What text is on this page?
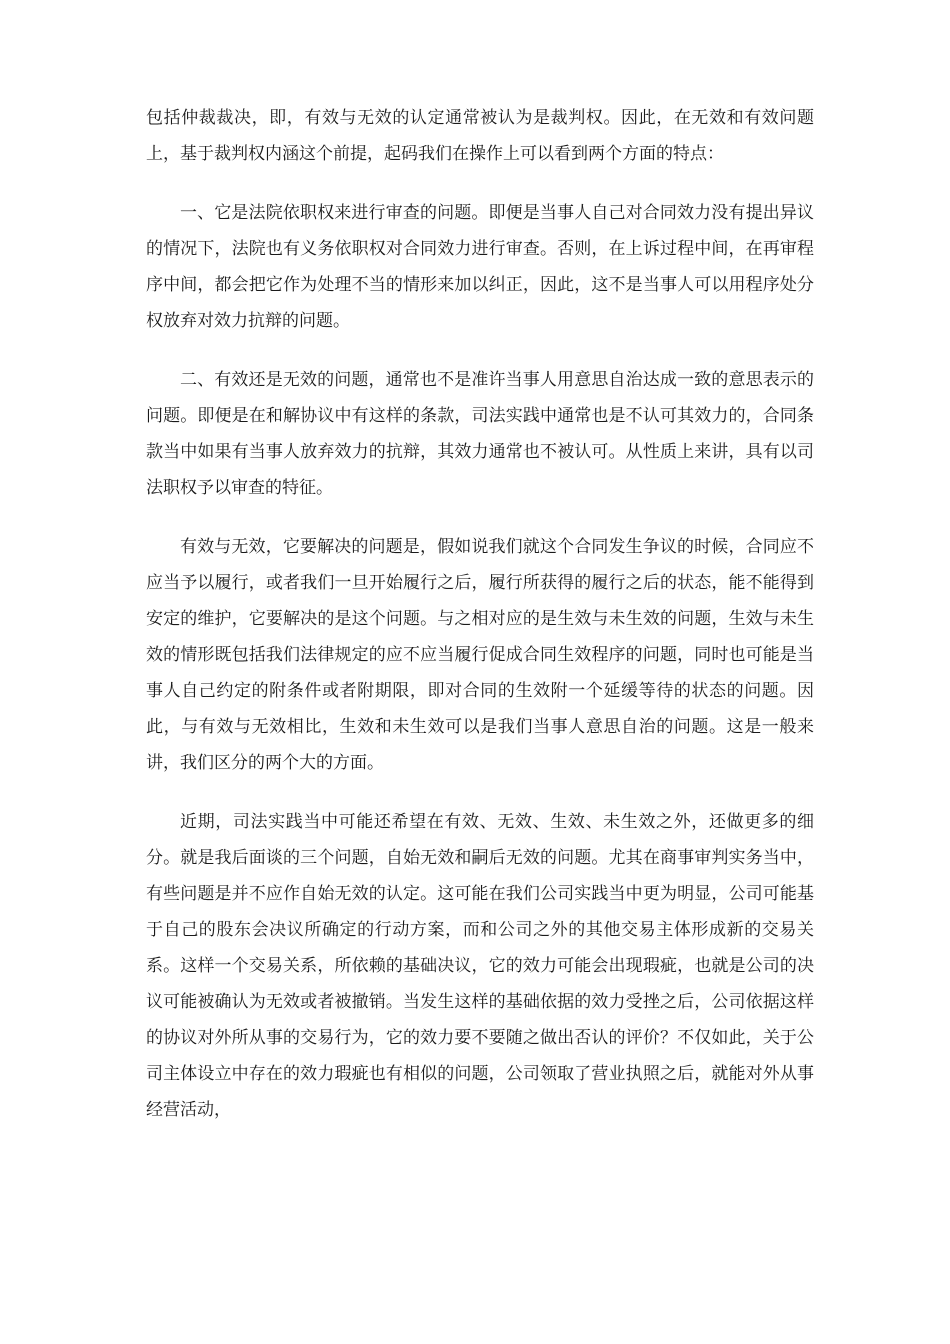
包括仲裁裁决，即，有效与无效的认定通常被认为是裁判权。因此，在无效和有效问题上，基于裁判权内涵这个前提，起码我们在操作上可以看到两个方面的特点：

一、它是法院依职权来进行审查的问题。即便是当事人自己对合同效力没有提出异议的情况下，法院也有义务依职权对合同效力进行审查。否则，在上诉过程中间，在再审程序中间，都会把它作为处理不当的情形来加以纠正，因此，这不是当事人可以用程序处分权放弃对效力抗辩的问题。

二、有效还是无效的问题，通常也不是准许当事人用意思自治达成一致的意思表示的问题。即便是在和解协议中有这样的条款，司法实践中通常也是不认可其效力的，合同条款当中如果有当事人放弃效力的抗辩，其效力通常也不被认可。从性质上来讲，具有以司法职权予以审查的特征。

有效与无效，它要解决的问题是，假如说我们就这个合同发生争议的时候，合同应不应当予以履行，或者我们一旦开始履行之后，履行所获得的履行之后的状态，能不能得到安定的维护，它要解决的是这个问题。与之相对应的是生效与未生效的问题，生效与未生效的情形既包括我们法律规定的应不应当履行促成合同生效程序的问题，同时也可能是当事人自己约定的附条件或者附期限，即对合同的生效附一个延缓等待的状态的问题。因此，与有效与无效相比，生效和未生效可以是我们当事人意思自治的问题。这是一般来讲，我们区分的两个大的方面。

近期，司法实践当中可能还希望在有效、无效、生效、未生效之外，还做更多的细分。就是我后面谈的三个问题，自始无效和嗣后无效的问题。尤其在商事审判实务当中，有些问题是并不应作自始无效的认定。这可能在我们公司实践当中更为明显，公司可能基于自己的股东会决议所确定的行动方案，而和公司之外的其他交易主体形成新的交易关系。这样一个交易关系，所依赖的基础决议，它的效力可能会出现瑕疵，也就是公司的决议可能被确认为无效或者被撤销。当发生这样的基础依据的效力受挫之后，公司依据这样的协议对外所从事的交易行为，它的效力要不要随之做出否认的评价？不仅如此，关于公司主体设立中存在的效力瑕疵也有相似的问题，公司领取了营业执照之后，就能对外从事经营活动，
